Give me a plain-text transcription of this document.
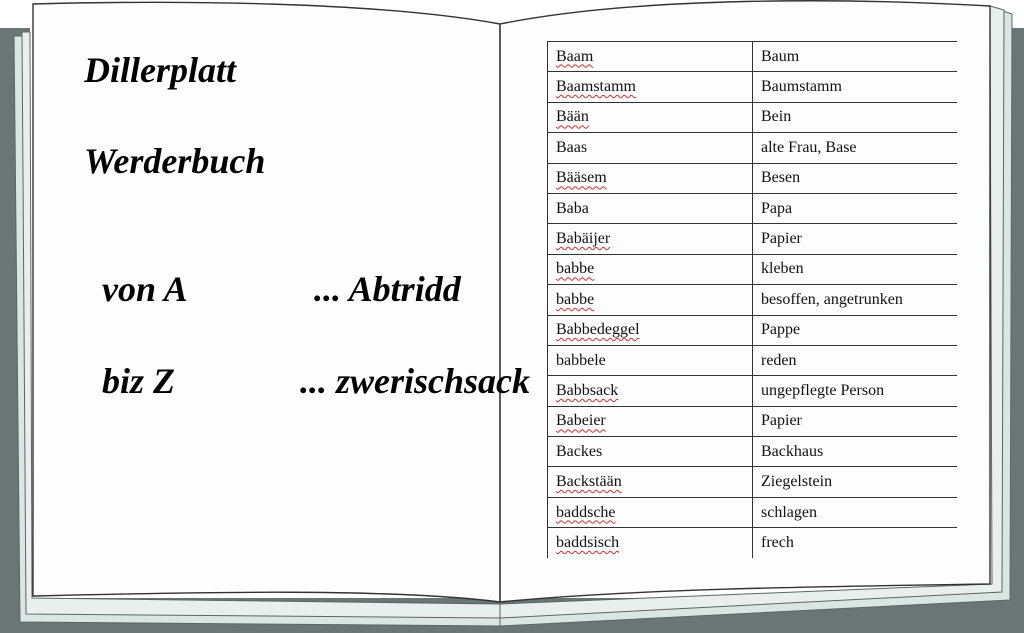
Dillerplatt
Werderbuch

von A	... Abtridd

biz Z	... zwerischsack

Baam	Baum
Baamstamm	Baumstamm
Bään	Bein
Baas	alte Frau, Base
Bääsem	Besen
Baba	Papa
Babäijer	Papier
babbe	kleben
babbe	besoffen, angetrunken
Babbedeggel	Pappe
babbele	reden
Babbsack	ungepflegte Person
Babeier	Papier
Backes	Backhaus
Backstään	Ziegelstein
baddsche	schlagen
baddsisch	frech
